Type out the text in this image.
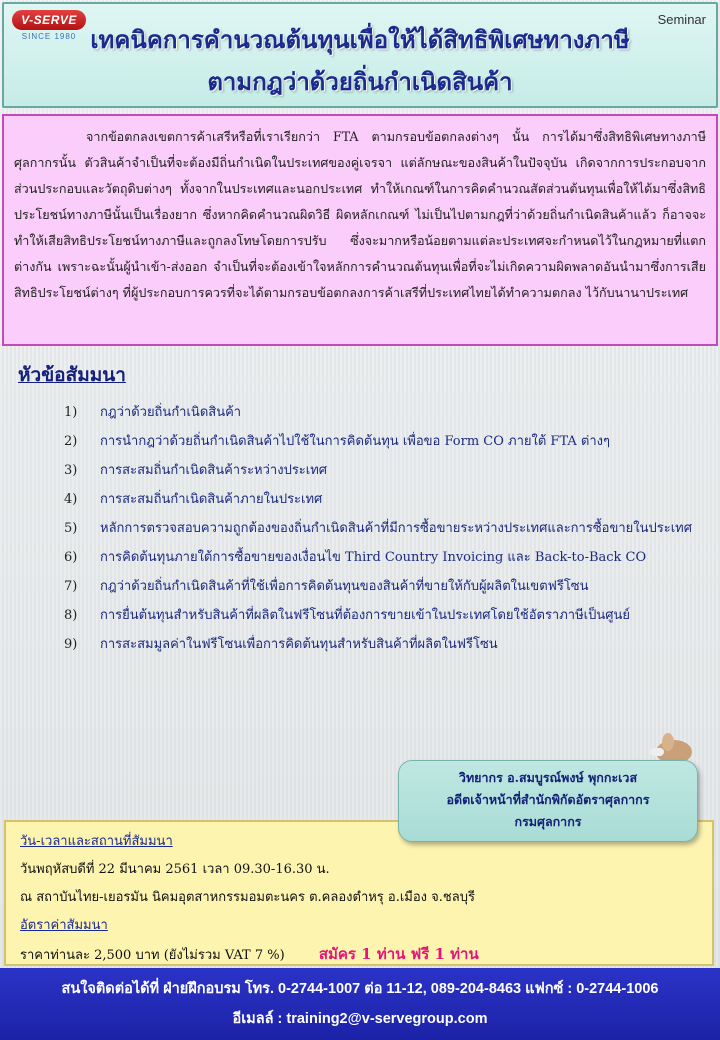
V-SERVE
SINCE 1980
Seminar
เทคนิคการคำนวณต้นทุนเพื่อให้ได้สิทธิพิเศษทางภาษี
ตามกฎว่าด้วยถิ่นกำเนิดสินค้า
จากข้อตกลงเขตการค้าเสรีหรือที่เราเรียกว่า FTA ตามกรอบข้อตกลงต่างๆ นั้น การได้มาซึ่งสิทธิพิเศษทางภาษีศุลกากรนั้น ตัวสินค้าจำเป็นที่จะต้องมีถิ่นกำเนิดในประเทศของคู่เจรจา แต่ลักษณะของสินค้าในปัจจุบัน เกิดจากการประกอบจากส่วนประกอบและวัตถุดิบต่างๆ ทั้งจากในประเทศและนอกประเทศ ทำให้เกณฑ์ในการคิดคำนวณสัดส่วนต้นทุนเพื่อให้ได้มาซึ่งสิทธิประโยชน์ทางภาษีนั้นเป็นเรื่องยาก ซึ่งหากคิดคำนวณผิดวิธี ผิดหลักเกณฑ์ ไม่เป็นไปตามกฎที่ว่าด้วยถิ่นกำเนิดสินค้าแล้ว ก็อาจจะทำให้เสียสิทธิประโยชน์ทางภาษีและถูกลงโทษโดยการปรับ ซึ่งจะมากหรือน้อยตามแต่ละประเทศจะกำหนดไว้ในกฎหมายที่แตกต่างกัน เพราะฉะนั้นผู้นำเข้า-ส่งออก จำเป็นที่จะต้องเข้าใจหลักการคำนวณต้นทุนเพื่อที่จะไม่เกิดความผิดพลาดอันนำมาซึ่งการเสียสิทธิประโยชน์ต่างๆ ที่ผู้ประกอบการควรที่จะได้ตามกรอบข้อตกลงการค้าเสรีที่ประเทศไทยได้ทำความตกลง ไว้กับนานาประเทศ
หัวข้อสัมมนา
1)	กฎว่าด้วยถิ่นกำเนิดสินค้า
2)	การนำกฎว่าด้วยถิ่นกำเนิดสินค้าไปใช้ในการคิดต้นทุน เพื่อขอ Form CO ภายใต้ FTA ต่างๆ
3)	การสะสมถิ่นกำเนิดสินค้าระหว่างประเทศ
4)	การสะสมถิ่นกำเนิดสินค้าภายในประเทศ
5)	หลักการตรวจสอบความถูกต้องของถิ่นกำเนิดสินค้าที่มีการซื้อขายระหว่างประเทศและการซื้อขายในประเทศ
6)	การคิดต้นทุนภายใต้การซื้อขายของเงื่อนไข Third Country Invoicing และ Back-to-Back CO
7)	กฎว่าด้วยถิ่นกำเนิดสินค้าที่ใช้เพื่อการคิดต้นทุนของสินค้าที่ขายให้กับผู้ผลิตในเขตฟรีโซน
8)	การยื่นต้นทุนสำหรับสินค้าที่ผลิตในฟรีโซนที่ต้องการขายเข้าในประเทศโดยใช้อัตราภาษีเป็นศูนย์
9)	การสะสมมูลค่าในฟรีโซนเพื่อการคิดต้นทุนสำหรับสินค้าที่ผลิตในฟรีโซน
วัน-เวลาและสถานที่สัมมนา
วันพฤหัสบดีที่ 22 มีนาคม 2561 เวลา 09.30-16.30 น.
ณ สถาบันไทย-เยอรมัน นิคมอุตสาหกรรมอมตะนคร ต.คลองตำหรุ อ.เมือง จ.ชลบุรี
อัตราค่าสัมมนา
ราคาท่านละ 2,500 บาท (ยังไม่รวม VAT 7 %) สมัคร 1 ท่าน ฟรี 1 ท่าน
วิทยากร อ.สมบูรณ์พงษ์ พุกกะเวส
อดีตเจ้าหน้าที่สำนักพิกัดอัตราศุลกากร
กรมศุลกากร
สนใจติดต่อได้ที่ ฝ่ายฝึกอบรม โทร. 0-2744-1007 ต่อ 11-12, 089-204-8463 แฟกซ์ : 0-2744-1006
อีเมลล์ : training2@v-servegroup.com
